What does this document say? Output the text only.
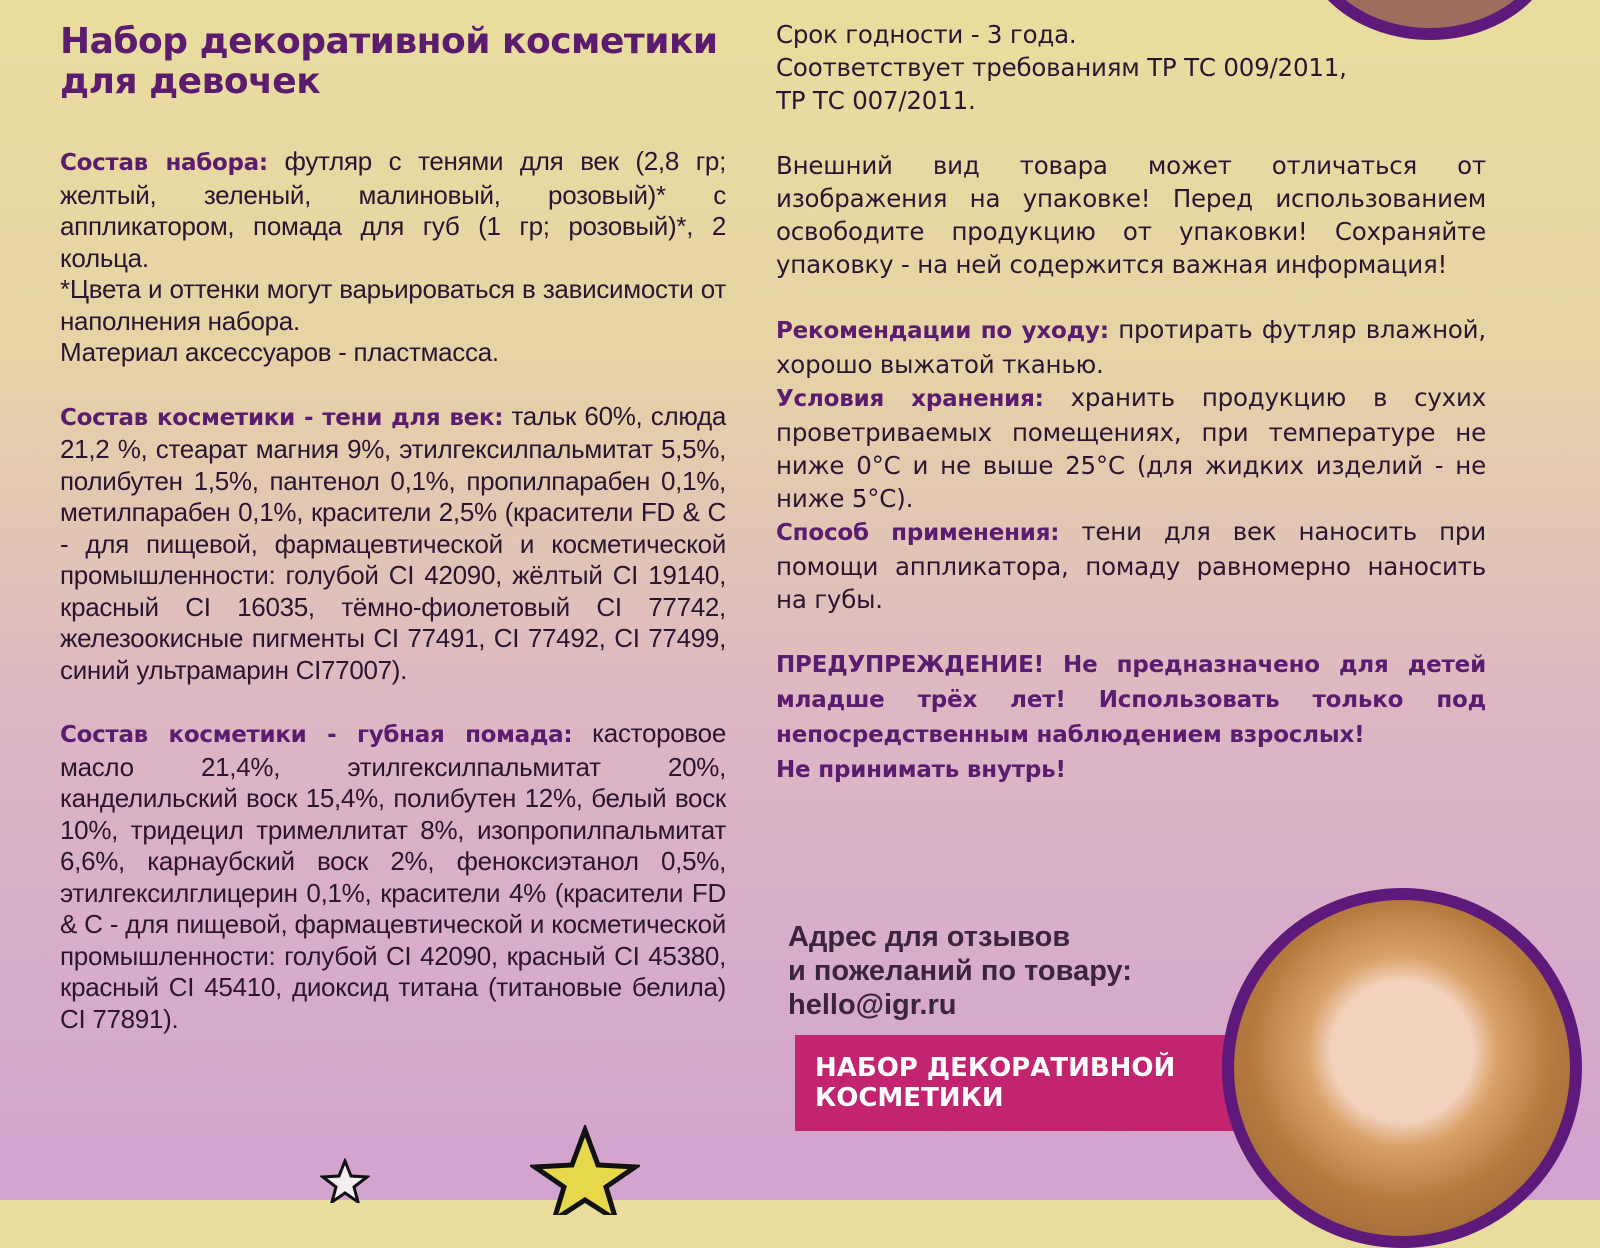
Набор декоративной косметики для девочек

Состав набора: футляр с тенями для век (2,8 гр; желтый, зеленый, малиновый, розовый)* с аппликатором, помада для губ (1 гр; розовый)*, 2 кольца.

*Цвета и оттенки могут варьироваться в зависимости от наполнения набора.

Материал аксессуаров - пластмасса.

Состав косметики - тени для век: тальк 60%, слюда 21,2 %, стеарат магния 9%, этилгексилпальмитат 5,5%, полибутен 1,5%, пантенол 0,1%, пропилпарабен 0,1%, метилпарабен 0,1%, красители 2,5% (красители FD & C - для пищевой, фармацевтической и косметической промышленности: голубой CI 42090, жёлтый CI 19140, красный CI 16035, тёмно-фиолетовый CI 77742, железоокисные пигменты CI 77491, CI 77492, CI 77499, синий ультрамарин CI77007).

Состав косметики - губная помада: касторовое масло 21,4%, этилгексилпальмитат 20%, канделильский воск 15,4%, полибутен 12%, белый воск 10%, тридецил тримеллитат 8%, изопропилпальмитат 6,6%, карнаубский воск 2%, феноксиэтанол 0,5%, этилгексилглицерин 0,1%, красители 4% (красители FD & C - для пищевой, фармацевтической и косметической промышленности: голубой CI 42090, красный CI 45380, красный CI 45410, диоксид титана (титановые белила) CI 77891).

Срок годности - 3 года.

Соответствует требованиям ТР ТС 009/2011, ТР ТС 007/2011.

Внешний вид товара может отличаться от изображения на упаковке! Перед использованием освободите продукцию от упаковки! Сохраняйте упаковку - на ней содержится важная информация!

Рекомендации по уходу: протирать футляр влажной, хорошо выжатой тканью.

Условия хранения: хранить продукцию в сухих проветриваемых помещениях, при температуре не ниже 0°С и не выше 25°С (для жидких изделий - не ниже 5°С).

Способ применения: тени для век наносить при помощи аппликатора, помаду равномерно наносить на губы.

ПРЕДУПРЕЖДЕНИЕ! Не предназначено для детей младше трёх лет! Использовать только под непосредственным наблюдением взрослых!

Не принимать внутрь!

Адрес для отзывов
и пожеланий по товару:
hello@igr.ru
НАБОР ДЕКОРАТИВНОЙ
КОСМЕТИКИ
